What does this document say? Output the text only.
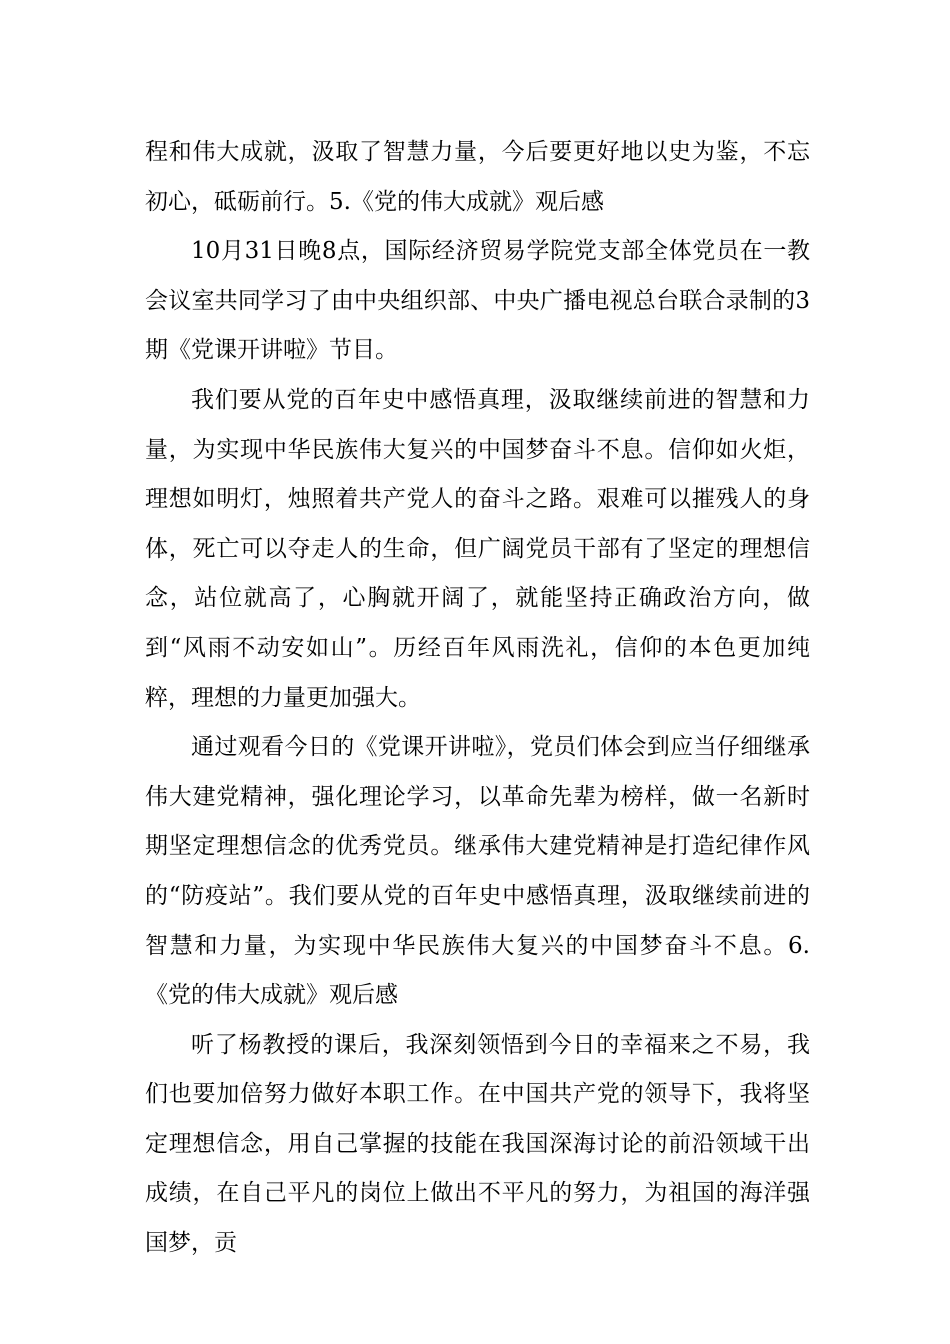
程和伟大成就，汲取了智慧力量，今后要更好地以史为鉴，不忘初心，砥砺前行。5.《党的伟大成就》观后感

10月31日晚8点，国际经济贸易学院党支部全体党员在一教会议室共同学习了由中央组织部、中央广播电视总台联合录制的3期《党课开讲啦》节目。

我们要从党的百年史中感悟真理，汲取继续前进的智慧和力量，为实现中华民族伟大复兴的中国梦奋斗不息。信仰如火炬，理想如明灯，烛照着共产党人的奋斗之路。艰难可以摧残人的身体，死亡可以夺走人的生命，但广阔党员干部有了坚定的理想信念，站位就高了，心胸就开阔了，就能坚持正确政治方向，做到“风雨不动安如山”。历经百年风雨洗礼，信仰的本色更加纯粹，理想的力量更加强大。

通过观看今日的《党课开讲啦》，党员们体会到应当仔细继承伟大建党精神，强化理论学习，以革命先辈为榜样，做一名新时期坚定理想信念的优秀党员。继承伟大建党精神是打造纪律作风的“防疫站”。我们要从党的百年史中感悟真理，汲取继续前进的智慧和力量，为实现中华民族伟大复兴的中国梦奋斗不息。6.《党的伟大成就》观后感

听了杨教授的课后，我深刻领悟到今日的幸福来之不易，我们也要加倍努力做好本职工作。在中国共产党的领导下，我将坚定理想信念，用自己掌握的技能在我国深海讨论的前沿领域干出成绩，在自己平凡的岗位上做出不平凡的努力，为祖国的海洋强国梦，贡
